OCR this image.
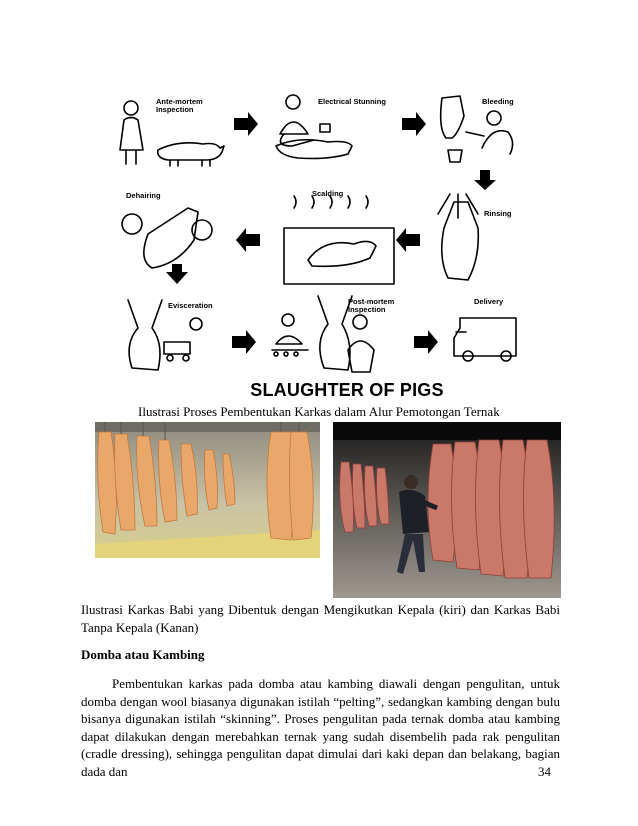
Ante-mortem
Inspection
Electrical Stunning	Bleeding
Rinsing
Scalding
Dehairing
Evisceration	Post-mortem
Inspection
Delivery
SLAUGHTER OF PIGS
Ilustrasi Proses Pembentukan Karkas dalam Alur Pemotongan Ternak
Ilustrasi Karkas Babi yang Dibentuk dengan Mengikutkan Kepala (kiri) dan Karkas Babi Tanpa Kepala (Kanan)
Domba atau Kambing
Pembentukan karkas pada domba atau kambing diawali dengan pengulitan, untuk domba dengan wool biasanya digunakan istilah “pelting”, sedangkan kambing dengan bulu bisanya digunakan istilah “skinning”. Proses pengulitan pada ternak domba atau kambing dapat dilakukan dengan merebahkan ternak yang sudah disembelih pada rak pengulitan (cradle dressing), sehingga pengulitan dapat dimulai dari kaki depan dan belakang, bagian dada dan	34
